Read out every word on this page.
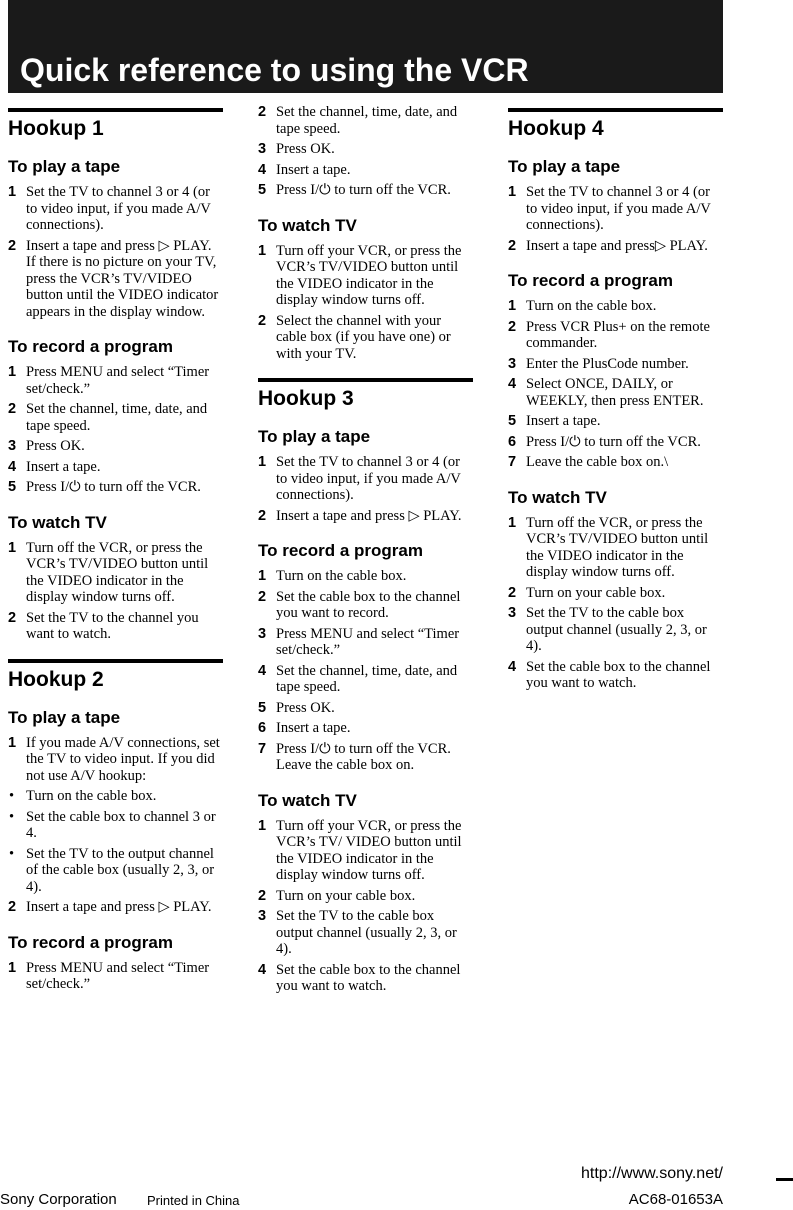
Quick reference to using the VCR
Hookup 1
To play a tape
1 Set the TV to channel 3 or 4 (or to video input, if you made A/V connections).
2 Insert a tape and press ▷ PLAY. If there is no picture on your TV, press the VCR’s TV/VIDEO button until the VIDEO indicator appears in the display window.
To record a program
1 Press MENU and select “Timer set/check.”
2 Set the channel, time, date, and tape speed.
3 Press OK.
4 Insert a tape.
5 Press I/⏻ to turn off the VCR.
To watch TV
1 Turn off the VCR, or press the VCR’s TV/VIDEO button until the VIDEO indicator in the display window turns off.
2 Set the TV to the channel you want to watch.
Hookup 2
To play a tape
1 If you made A/V connections, set the TV to video input. If you did not use A/V hookup:
• Turn on the cable box.
• Set the cable box to channel 3 or 4.
• Set the TV to the output channel of the cable box (usually 2, 3, or 4).
2 Insert a tape and press ▷ PLAY.
To record a program
1 Press MENU and select “Timer set/check.”
2 Set the channel, time, date, and tape speed.
3 Press OK.
4 Insert a tape.
5 Press I/⏻ to turn off the VCR.
To watch TV
1 Turn off your VCR, or press the VCR’s TV/VIDEO button until the VIDEO indicator in the display window turns off.
2 Select the channel with your cable box (if you have one) or with your TV.
Hookup 3
To play a tape
1 Set the TV to channel 3 or 4 (or to video input, if you made A/V connections).
2 Insert a tape and press ▷ PLAY.
To record a program
1 Turn on the cable box.
2 Set the cable box to the channel you want to record.
3 Press MENU and select “Timer set/check.”
4 Set the channel, time, date, and tape speed.
5 Press OK.
6 Insert a tape.
7 Press I/⏻ to turn off the VCR. Leave the cable box on.
To watch TV
1 Turn off your VCR, or press the VCR’s TV/ VIDEO button until the VIDEO indicator in the display window turns off.
2 Turn on your cable box.
3 Set the TV to the cable box output channel (usually 2, 3, or 4).
4 Set the cable box to the channel you want to watch.
Hookup 4
To play a tape
1 Set the TV to channel 3 or 4 (or to video input, if you made A/V connections).
2 Insert a tape and press▷ PLAY.
To record a program
1 Turn on the cable box.
2 Press VCR Plus+ on the remote commander.
3 Enter the PlusCode number.
4 Select ONCE, DAILY, or WEEKLY, then press ENTER.
5 Insert a tape.
6 Press I/⏻ to turn off the VCR.
7 Leave the cable box on.\
To watch TV
1 Turn off the VCR, or press the VCR’s TV/VIDEO button until the VIDEO indicator in the display window turns off.
2 Turn on your cable box.
3 Set the TV to the cable box output channel (usually 2, 3, or 4).
4 Set the cable box to the channel you want to watch.
http://www.sony.net/
Sony Corporation Printed in China	AC68-01653A
